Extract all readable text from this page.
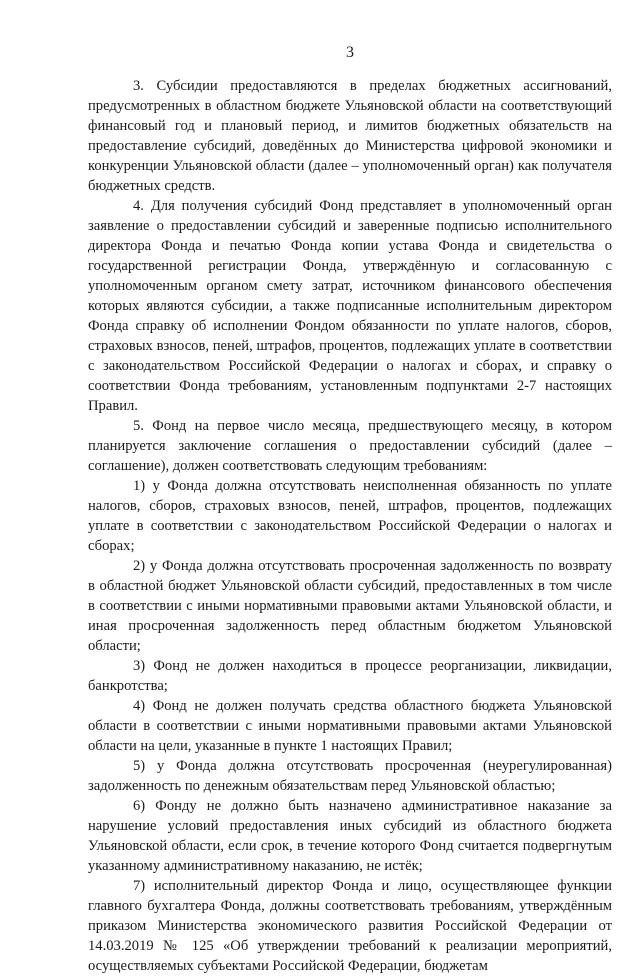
3

3. Субсидии предоставляются в пределах бюджетных ассигнований, предусмотренных в областном бюджете Ульяновской области на соответствующий финансовый год и плановый период, и лимитов бюджетных обязательств на предоставление субсидий, доведённых до Министерства цифровой экономики и конкуренции Ульяновской области (далее – уполномоченный орган) как получателя бюджетных средств.

4. Для получения субсидий Фонд представляет в уполномоченный орган заявление о предоставлении субсидий и заверенные подписью исполнительного директора Фонда и печатью Фонда копии устава Фонда и свидетельства о государственной регистрации Фонда, утверждённую и согласованную с уполномоченным органом смету затрат, источником финансового обеспечения которых являются субсидии, а также подписанные исполнительным директором Фонда справку об исполнении Фондом обязанности по уплате налогов, сборов, страховых взносов, пеней, штрафов, процентов, подлежащих уплате в соответствии с законодательством Российской Федерации о налогах и сборах, и справку о соответствии Фонда требованиям, установленным подпунктами 2-7 настоящих Правил.

5. Фонд на первое число месяца, предшествующего месяцу, в котором планируется заключение соглашения о предоставлении субсидий (далее – соглашение), должен соответствовать следующим требованиям:

1) у Фонда должна отсутствовать неисполненная обязанность по уплате налогов, сборов, страховых взносов, пеней, штрафов, процентов, подлежащих уплате в соответствии с законодательством Российской Федерации о налогах и сборах;

2) у Фонда должна отсутствовать просроченная задолженность по возврату в областной бюджет Ульяновской области субсидий, предоставленных в том числе в соответствии с иными нормативными правовыми актами Ульяновской области, и иная просроченная задолженность перед областным бюджетом Ульяновской области;

3) Фонд не должен находиться в процессе реорганизации, ликвидации, банкротства;

4) Фонд не должен получать средства областного бюджета Ульяновской области в соответствии с иными нормативными правовыми актами Ульяновской области на цели, указанные в пункте 1 настоящих Правил;

5) у Фонда должна отсутствовать просроченная (неурегулированная) задолженность по денежным обязательствам перед Ульяновской областью;

6) Фонду не должно быть назначено административное наказание за нарушение условий предоставления иных субсидий из областного бюджета Ульяновской области, если срок, в течение которого Фонд считается подвергнутым указанному административному наказанию, не истёк;

7) исполнительный директор Фонда и лицо, осуществляющее функции главного бухгалтера Фонда, должны соответствовать требованиям, утверждённым приказом Министерства экономического развития Российской Федерации от 14.03.2019 № 125 «Об утверждении требований к реализации мероприятий, осуществляемых субъектами Российской Федерации, бюджетам
